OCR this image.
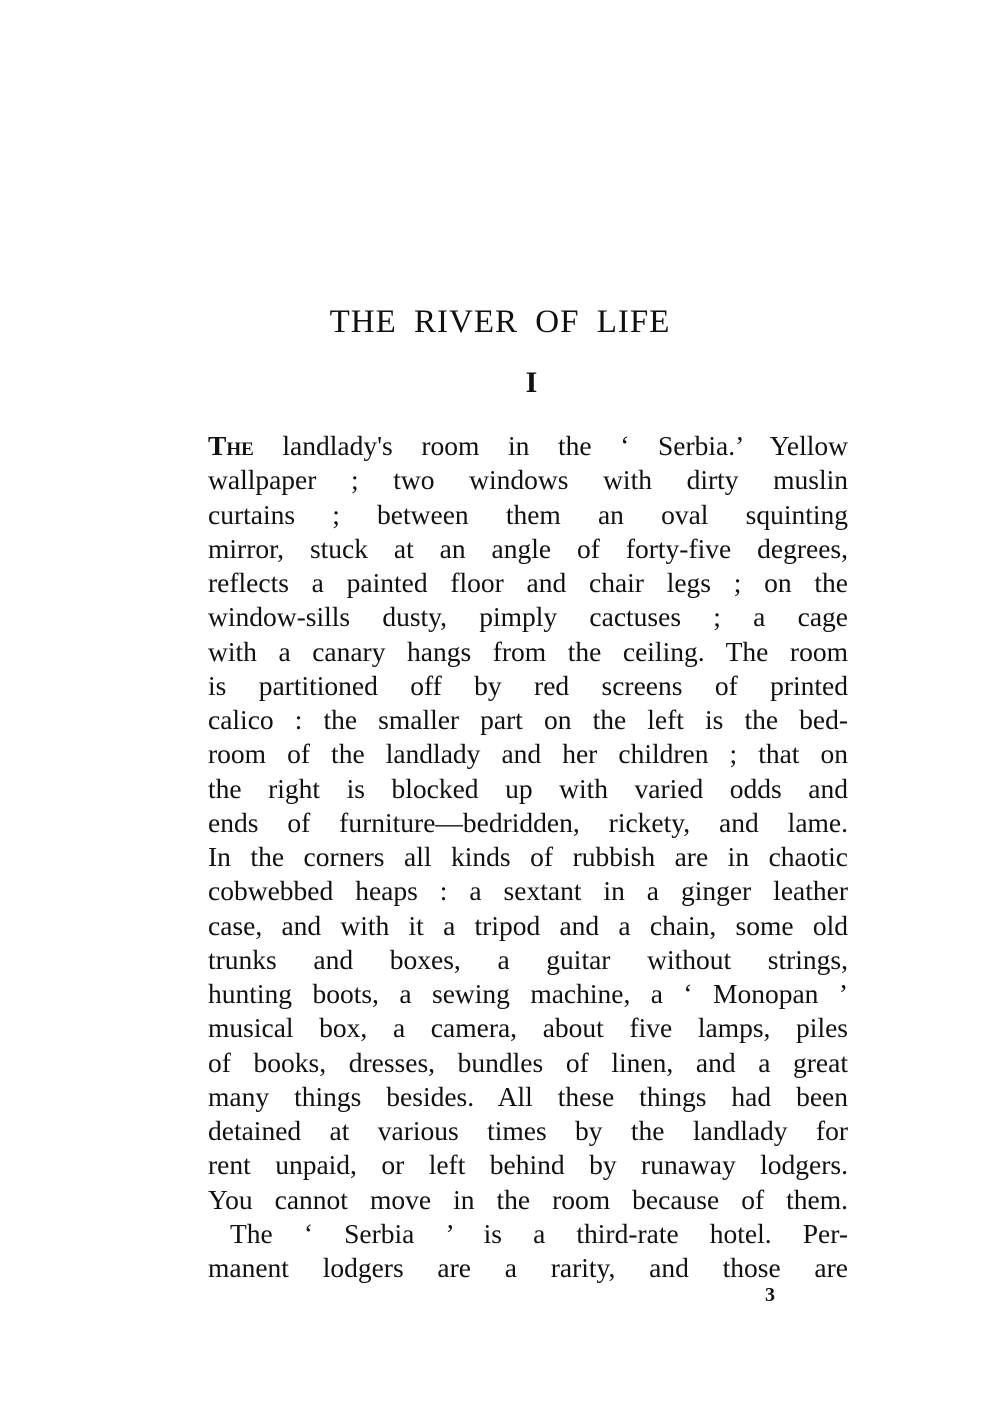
THE RIVER OF LIFE
I
The landlady's room in the ‘ Serbia.’ Yellow
wallpaper ; two windows with dirty muslin
curtains ; between them an oval squinting
mirror, stuck at an angle of forty-five degrees,
reflects a painted floor and chair legs ; on the
window-sills dusty, pimply cactuses ; a cage
with a canary hangs from the ceiling. The room
is partitioned off by red screens of printed
calico : the smaller part on the left is the bed-
room of the landlady and her children ; that on
the right is blocked up with varied odds and
ends of furniture—bedridden, rickety, and lame.
In the corners all kinds of rubbish are in chaotic
cobwebbed heaps : a sextant in a ginger leather
case, and with it a tripod and a chain, some old
trunks and boxes, a guitar without strings,
hunting boots, a sewing machine, a ‘ Monopan ’
musical box, a camera, about five lamps, piles
of books, dresses, bundles of linen, and a great
many things besides. All these things had been
detained at various times by the landlady for
rent unpaid, or left behind by runaway lodgers.
You cannot move in the room because of them.
The ‘ Serbia ’ is a third-rate hotel. Per-
manent lodgers are a rarity, and those are
3
